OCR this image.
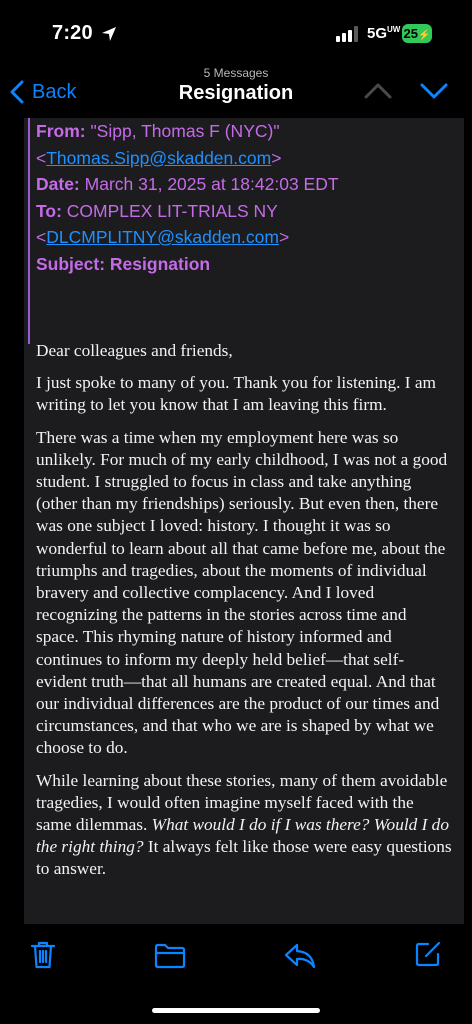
7:20	$5G^{UW}$ 25⚡
Back
5 Messages
Resignation
From: "Sipp, Thomas F (NYC)"
<Thomas.Sipp@skadden.com>
Date: March 31, 2025 at 18:42:03 EDT
To: COMPLEX LIT-TRIALS NY
<DLCMPLITNY@skadden.com>
Subject: Resignation

Dear colleagues and friends,

I just spoke to many of you. Thank you for listening. I am writing to let you know that I am leaving this firm.

There was a time when my employment here was so unlikely. For much of my early childhood, I was not a good student. I struggled to focus in class and take anything (other than my friendships) seriously. But even then, there was one subject I loved: history. I thought it was so wonderful to learn about all that came before me, about the triumphs and tragedies, about the moments of individual bravery and collective complacency. And I loved recognizing the patterns in the stories across time and space. This rhyming nature of history informed and continues to inform my deeply held belief—that self-evident truth—that all humans are created equal. And that our individual differences are the product of our times and circumstances, and that who we are is shaped by what we choose to do.

While learning about these stories, many of them avoidable tragedies, I would often imagine myself faced with the same dilemmas. What would I do if I was there? Would I do the right thing? It always felt like those were easy questions to answer.
